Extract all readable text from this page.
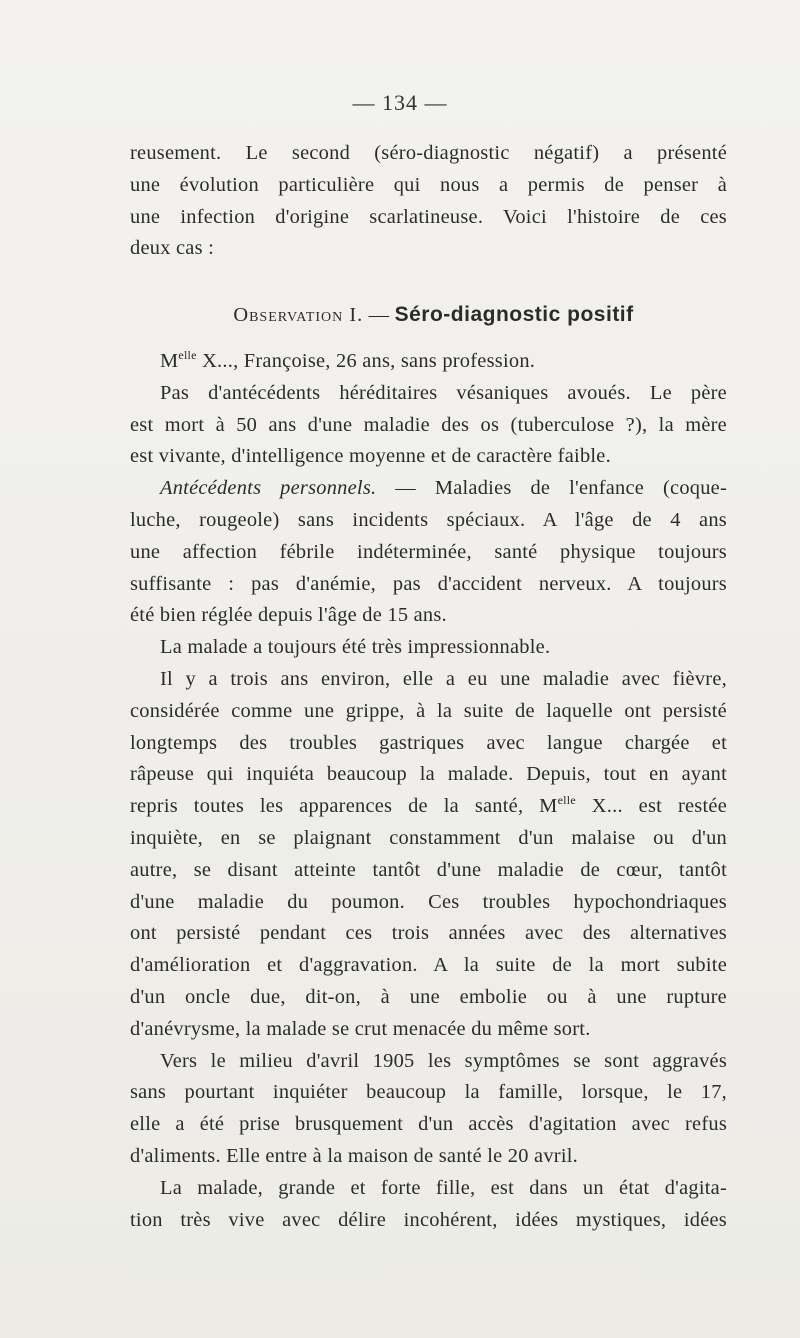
— 134 —
reusement. Le second (séro-diagnostic négatif) a présenté
une évolution particulière qui nous a permis de penser à
une infection d'origine scarlatineuse. Voici l'histoire de ces
deux cas :
Observation I. — Séro-diagnostic positif
$M^{elle}$ X..., Françoise, 26 ans, sans profession.
Pas d'antécédents héréditaires vésaniques avoués. Le père
est mort à 50 ans d'une maladie des os (tuberculose ?), la mère
est vivante, d'intelligence moyenne et de caractère faible.
Antécédents personnels. — Maladies de l'enfance (coque-
luche, rougeole) sans incidents spéciaux. A l'âge de 4 ans
une affection fébrile indéterminée, santé physique toujours
suffisante : pas d'anémie, pas d'accident nerveux. A toujours
été bien réglée depuis l'âge de 15 ans.
La malade a toujours été très impressionnable.
Il y a trois ans environ, elle a eu une maladie avec fièvre,
considérée comme une grippe, à la suite de laquelle ont persisté
longtemps des troubles gastriques avec langue chargée et
râpeuse qui inquiéta beaucoup la malade. Depuis, tout en ayant
repris toutes les apparences de la santé, $M^{elle}$ X... est restée
inquiète, en se plaignant constamment d'un malaise ou d'un
autre, se disant atteinte tantôt d'une maladie de cœur, tantôt
d'une maladie du poumon. Ces troubles hypochondriaques
ont persisté pendant ces trois années avec des alternatives
d'amélioration et d'aggravation. A la suite de la mort subite
d'un oncle due, dit-on, à une embolie ou à une rupture
d'anévrysme, la malade se crut menacée du même sort.
Vers le milieu d'avril 1905 les symptômes se sont aggravés
sans pourtant inquiéter beaucoup la famille, lorsque, le 17,
elle a été prise brusquement d'un accès d'agitation avec refus
d'aliments. Elle entre à la maison de santé le 20 avril.
La malade, grande et forte fille, est dans un état d'agita-
tion très vive avec délire incohérent, idées mystiques, idées
